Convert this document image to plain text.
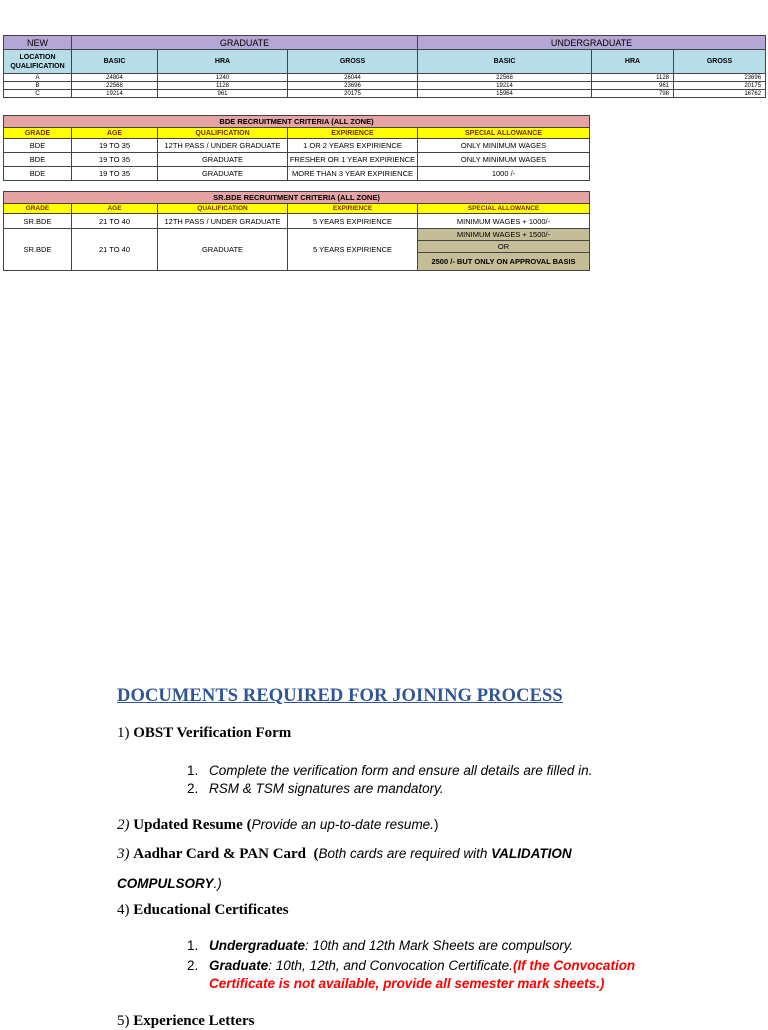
NEW	GRADUATE			UNDERGRADUATE		
LOCATION
QUALIFICATION	BASIC	HRA	GROSS	BASIC	HRA	GROSS
A	24804	1240	26044	22568	1128	23696
B	22568	1128	23696	19214	961	20175
C	19214	961	20175	15964	798	16762
BDE RECRUITMENT CRITERIA (ALL ZONE)				
GRADE	AGE	QUALIFICATION	EXPIRIENCE	SPECIAL ALLOWANCE
BDE	19 TO 35	12TH PASS / UNDER GRADUATE	1 OR 2 YEARS EXPIRIENCE	ONLY MINIMUM WAGES
BDE	19 TO 35	GRADUATE	FRESHER OR 1 YEAR EXPIRIENCE	ONLY MINIMUM WAGES
BDE	19 TO 35	GRADUATE	MORE THAN 3 YEAR EXPIRIENCE	1000 /-
SR.BDE RECRUITMENT CRITERIA (ALL ZONE)				
GRADE	AGE	QUALIFICATION	EXPIRIENCE	SPECIAL ALLOWANCE
SR.BDE	21 TO 40	12TH PASS / UNDER GRADUATE	5 YEARS EXPIRIENCE	MINIMUM WAGES + 1000/-
SR.BDE	21 TO 40	GRADUATE	5 YEARS EXPIRIENCE	MINIMUM WAGES + 1500/-
				OR
				2500 /- BUT ONLY ON APPROVAL BASIS
DOCUMENTS REQUIRED FOR JOINING PROCESS
1) OBST Verification Form
1. Complete the verification form and ensure all details are filled in.
2. RSM & TSM signatures are mandatory.
2) Updated Resume (Provide an up-to-date resume.)
3) Aadhar Card & PAN Card  (Both cards are required with VALIDATION
COMPULSORY.)
4) Educational Certificates
1. Undergraduate: 10th and 12th Mark Sheets are compulsory.
2. Graduate: 10th, 12th, and Convocation Certificate.(If the Convocation
Certificate is not available, provide all semester mark sheets.)
5) Experience Letters
